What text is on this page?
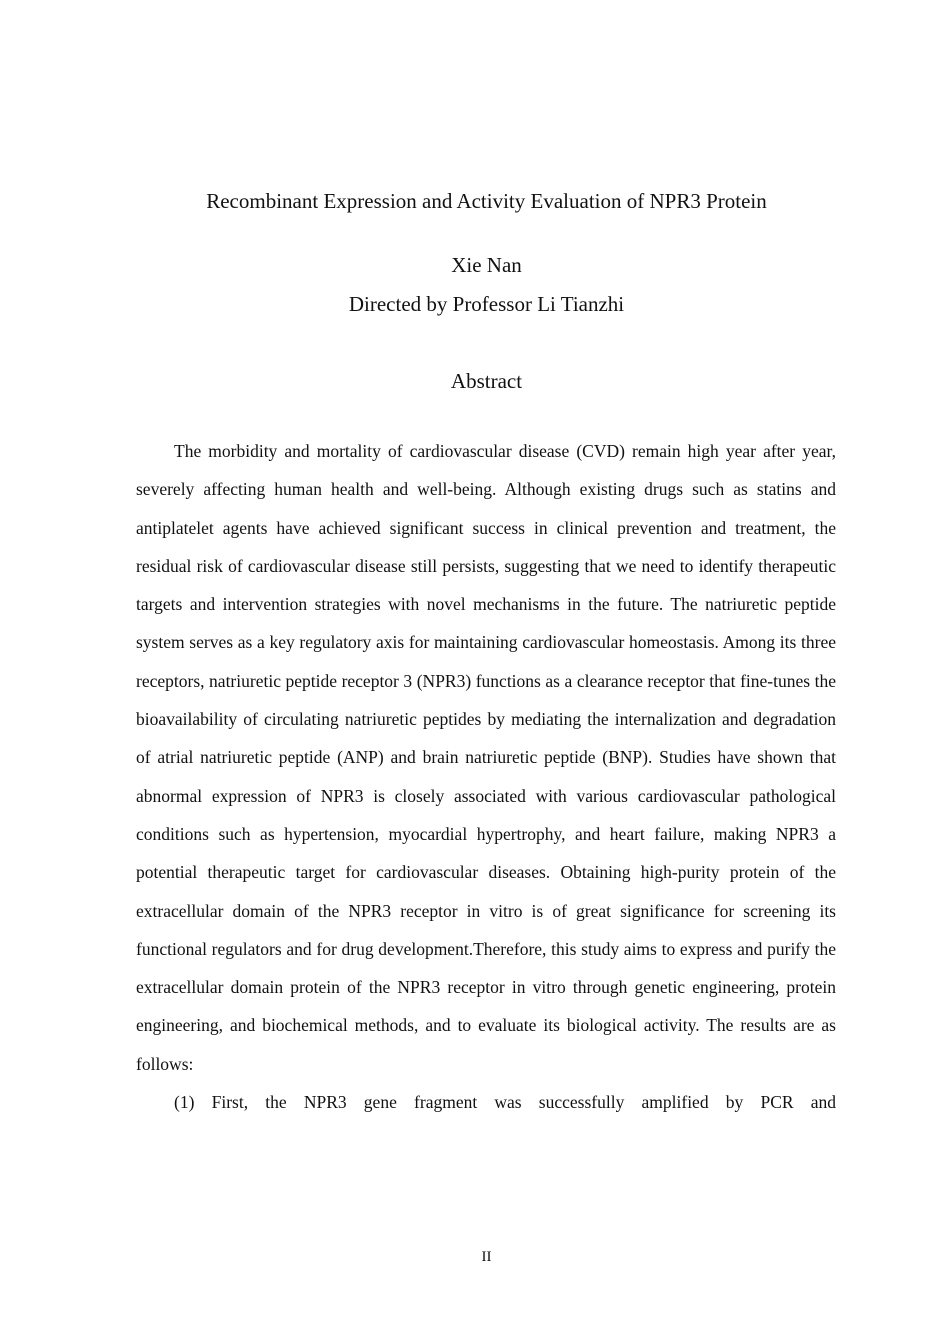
Recombinant Expression and Activity Evaluation of NPR3 Protein
Xie Nan
Directed by Professor Li Tianzhi
Abstract

The morbidity and mortality of cardiovascular disease (CVD) remain high year after year, severely affecting human health and well-being. Although existing drugs such as statins and antiplatelet agents have achieved significant success in clinical prevention and treatment, the residual risk of cardiovascular disease still persists, suggesting that we need to identify therapeutic targets and intervention strategies with novel mechanisms in the future. The natriuretic peptide system serves as a key regulatory axis for maintaining cardiovascular homeostasis. Among its three receptors, natriuretic peptide receptor 3 (NPR3) functions as a clearance receptor that fine-tunes the bioavailability of circulating natriuretic peptides by mediating the internalization and degradation of atrial natriuretic peptide (ANP) and brain natriuretic peptide (BNP). Studies have shown that abnormal expression of NPR3 is closely associated with various cardiovascular pathological conditions such as hypertension, myocardial hypertrophy, and heart failure, making NPR3 a potential therapeutic target for cardiovascular diseases. Obtaining high-purity protein of the extracellular domain of the NPR3 receptor in vitro is of great significance for screening its functional regulators and for drug development.Therefore, this study aims to express and purify the extracellular domain protein of the NPR3 receptor in vitro through genetic engineering, protein engineering, and biochemical methods, and to evaluate its biological activity. The results are as follows:

(1) First, the NPR3 gene fragment was successfully amplified by PCR and

II
